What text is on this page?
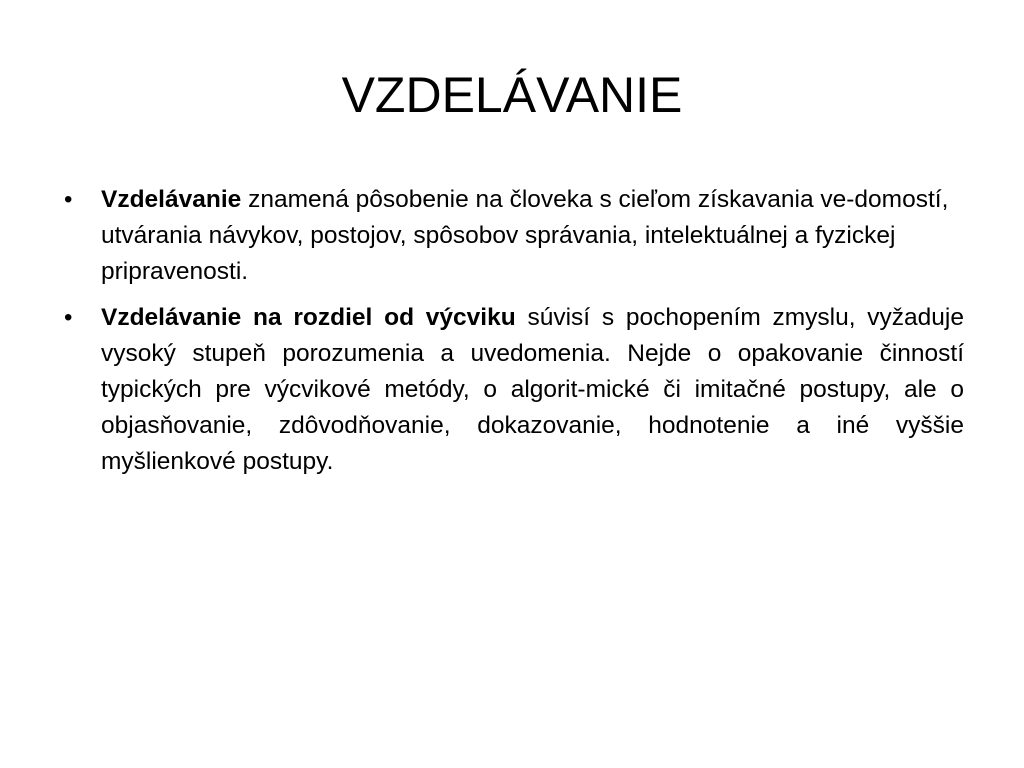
VZDELÁVANIE
•	Vzdelávanie znamená pôsobenie na človeka s cieľom získavania ve-domostí, utvárania návykov, postojov, spôsobov správania, intelektuálnej a fyzickej pripravenosti.
•	Vzdelávanie na rozdiel od výcviku súvisí s pochopením zmyslu, vyžaduje vysoký stupeň porozumenia a uvedomenia. Nejde o opakovanie činností typických pre výcvikové metódy, o algorit-mické či imitačné postupy, ale o objasňovanie, zdôvodňovanie, dokazovanie, hodnotenie a iné vyššie myšlienkové postupy.
